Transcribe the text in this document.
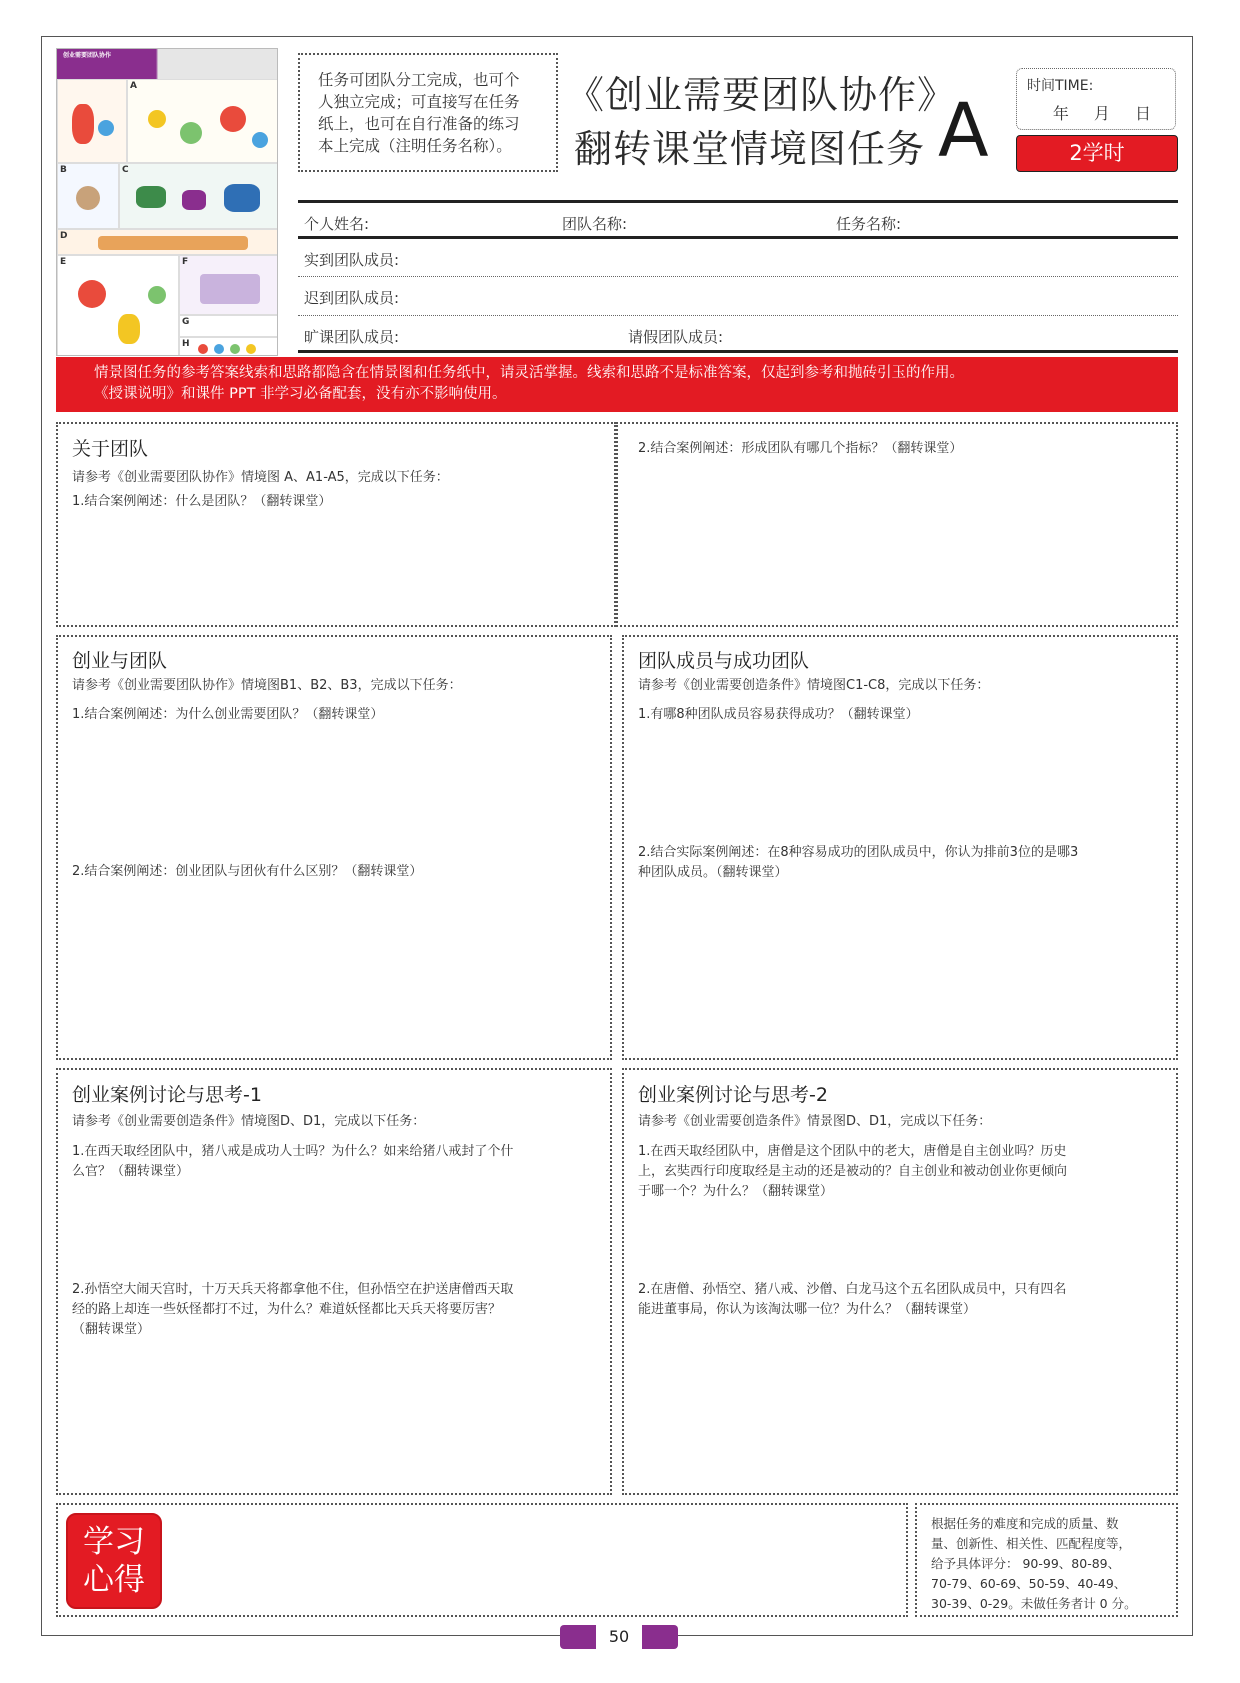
创业需要团队协作
A
B	C
D
E	F
G
H
任务可团队分工完成，也可个
人独立完成；可直接写在任务
纸上，也可在自行准备的练习
本上完成（注明任务名称）。
《创业需要团队协作》
翻转课堂情境图任务 A
时间TIME:
年 月 日
2学时
个人姓名:	团队名称:	任务名称:
实到团队成员:
迟到团队成员:
旷课团队成员:	请假团队成员:
情景图任务的参考答案线索和思路都隐含在情景图和任务纸中，请灵活掌握。线索和思路不是标准答案，仅起到参考和抛砖引玉的作用。
《授课说明》和课件 PPT 非学习必备配套，没有亦不影响使用。
关于团队
请参考《创业需要团队协作》情境图 A、A1-A5，完成以下任务：
1.结合案例阐述：什么是团队？（翻转课堂）
2.结合案例阐述：形成团队有哪几个指标？（翻转课堂）
创业与团队
请参考《创业需要团队协作》情境图B1、B2、B3，完成以下任务：
1.结合案例阐述：为什么创业需要团队？（翻转课堂）
2.结合案例阐述：创业团队与团伙有什么区别？（翻转课堂）
团队成员与成功团队
请参考《创业需要创造条件》情境图C1-C8，完成以下任务：
1.有哪8种团队成员容易获得成功？（翻转课堂）
2.结合实际案例阐述：在8种容易成功的团队成员中，你认为排前3位的是哪3
种团队成员。（翻转课堂）
创业案例讨论与思考-1
请参考《创业需要创造条件》情境图D、D1，完成以下任务：
1.在西天取经团队中，猪八戒是成功人士吗？为什么？如来给猪八戒封了个什
么官？（翻转课堂）
2.孙悟空大闹天宫时，十万天兵天将都拿他不住，但孙悟空在护送唐僧西天取
经的路上却连一些妖怪都打不过，为什么？难道妖怪都比天兵天将要厉害？
（翻转课堂）
创业案例讨论与思考-2
请参考《创业需要创造条件》情景图D、D1，完成以下任务：
1.在西天取经团队中，唐僧是这个团队中的老大，唐僧是自主创业吗？历史
上，玄奘西行印度取经是主动的还是被动的？自主创业和被动创业你更倾向
于哪一个？为什么？（翻转课堂）
2.在唐僧、孙悟空、猪八戒、沙僧、白龙马这个五名团队成员中，只有四名
能进董事局，你认为该淘汰哪一位？为什么？（翻转课堂）
学习
心得
根据任务的难度和完成的质量、数
量、创新性、相关性、匹配程度等，
给予具体评分： 90-99、80-89、
70-79、60-69、50-59、40-49、
30-39、0-29。未做任务者计 0 分。
50
